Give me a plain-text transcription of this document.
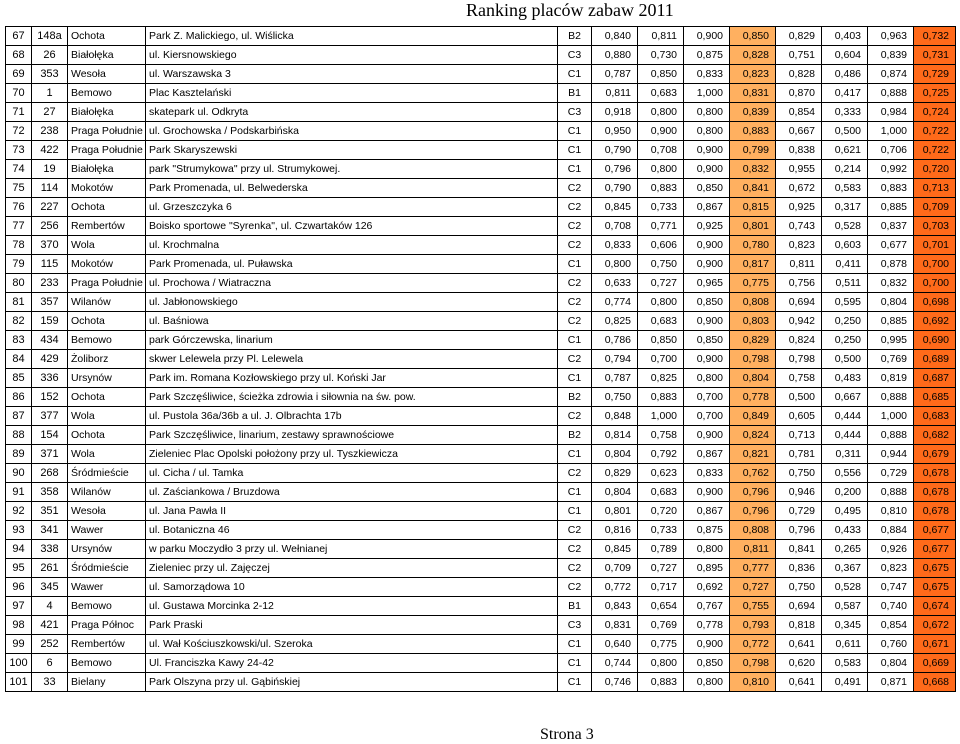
Ranking placów zabaw 2011
67	148a	Ochota	Park Z. Malickiego, ul. Wiślicka	B2	0,840	0,811	0,900	0,850	0,829	0,403	0,963	0,732
68	26	Białołęka	ul. Kiersnowskiego	C3	0,880	0,730	0,875	0,828	0,751	0,604	0,839	0,731
69	353	Wesoła	ul. Warszawska 3	C1	0,787	0,850	0,833	0,823	0,828	0,486	0,874	0,729
70	1	Bemowo	Plac Kasztelański	B1	0,811	0,683	1,000	0,831	0,870	0,417	0,888	0,725
71	27	Białołęka	skatepark ul. Odkryta	C3	0,918	0,800	0,800	0,839	0,854	0,333	0,984	0,724
72	238	Praga Południe	ul. Grochowska / Podskarbińska	C1	0,950	0,900	0,800	0,883	0,667	0,500	1,000	0,722
73	422	Praga Południe	Park Skaryszewski	C1	0,790	0,708	0,900	0,799	0,838	0,621	0,706	0,722
74	19	Białołęka	park "Strumykowa" przy ul. Strumykowej.	C1	0,796	0,800	0,900	0,832	0,955	0,214	0,992	0,720
75	114	Mokotów	Park Promenada, ul. Belwederska	C2	0,790	0,883	0,850	0,841	0,672	0,583	0,883	0,713
76	227	Ochota	ul. Grzeszczyka 6	C2	0,845	0,733	0,867	0,815	0,925	0,317	0,885	0,709
77	256	Rembertów	Boisko sportowe "Syrenka", ul. Czwartaków 126	C2	0,708	0,771	0,925	0,801	0,743	0,528	0,837	0,703
78	370	Wola	ul. Krochmalna	C2	0,833	0,606	0,900	0,780	0,823	0,603	0,677	0,701
79	115	Mokotów	Park Promenada, ul. Puławska	C1	0,800	0,750	0,900	0,817	0,811	0,411	0,878	0,700
80	233	Praga Południe	ul. Prochowa / Wiatraczna	C2	0,633	0,727	0,965	0,775	0,756	0,511	0,832	0,700
81	357	Wilanów	ul. Jabłonowskiego	C2	0,774	0,800	0,850	0,808	0,694	0,595	0,804	0,698
82	159	Ochota	ul. Baśniowa	C2	0,825	0,683	0,900	0,803	0,942	0,250	0,885	0,692
83	434	Bemowo	park Górczewska, linarium	C1	0,786	0,850	0,850	0,829	0,824	0,250	0,995	0,690
84	429	Żoliborz	skwer Lelewela przy Pl. Lelewela	C2	0,794	0,700	0,900	0,798	0,798	0,500	0,769	0,689
85	336	Ursynów	Park im. Romana Kozłowskiego przy ul. Koński Jar	C1	0,787	0,825	0,800	0,804	0,758	0,483	0,819	0,687
86	152	Ochota	Park Szczęśliwice, ścieżka zdrowia i siłownia na św. pow.	B2	0,750	0,883	0,700	0,778	0,500	0,667	0,888	0,685
87	377	Wola	ul. Pustola 36a/36b a ul. J. Olbrachta 17b	C2	0,848	1,000	0,700	0,849	0,605	0,444	1,000	0,683
88	154	Ochota	Park Szczęśliwice, linarium, zestawy sprawnościowe	B2	0,814	0,758	0,900	0,824	0,713	0,444	0,888	0,682
89	371	Wola	Zieleniec Plac Opolski położony przy ul. Tyszkiewicza	C1	0,804	0,792	0,867	0,821	0,781	0,311	0,944	0,679
90	268	Śródmieście	ul. Cicha / ul. Tamka	C2	0,829	0,623	0,833	0,762	0,750	0,556	0,729	0,678
91	358	Wilanów	ul. Zaściankowa / Bruzdowa	C1	0,804	0,683	0,900	0,796	0,946	0,200	0,888	0,678
92	351	Wesoła	ul. Jana Pawła II	C1	0,801	0,720	0,867	0,796	0,729	0,495	0,810	0,678
93	341	Wawer	ul. Botaniczna 46	C2	0,816	0,733	0,875	0,808	0,796	0,433	0,884	0,677
94	338	Ursynów	w parku Moczydło 3 przy ul. Wełnianej	C2	0,845	0,789	0,800	0,811	0,841	0,265	0,926	0,677
95	261	Śródmieście	Zieleniec przy ul. Zajęczej	C2	0,709	0,727	0,895	0,777	0,836	0,367	0,823	0,675
96	345	Wawer	ul. Samorządowa 10	C2	0,772	0,717	0,692	0,727	0,750	0,528	0,747	0,675
97	4	Bemowo	ul. Gustawa Morcinka 2-12	B1	0,843	0,654	0,767	0,755	0,694	0,587	0,740	0,674
98	421	Praga Północ	Park Praski	C3	0,831	0,769	0,778	0,793	0,818	0,345	0,854	0,672
99	252	Rembertów	ul. Wał Kościuszkowski/ul. Szeroka	C1	0,640	0,775	0,900	0,772	0,641	0,611	0,760	0,671
100	6	Bemowo	Ul. Franciszka Kawy 24-42	C1	0,744	0,800	0,850	0,798	0,620	0,583	0,804	0,669
101	33	Bielany	Park Olszyna przy ul. Gąbińskiej	C1	0,746	0,883	0,800	0,810	0,641	0,491	0,871	0,668
Strona 3
